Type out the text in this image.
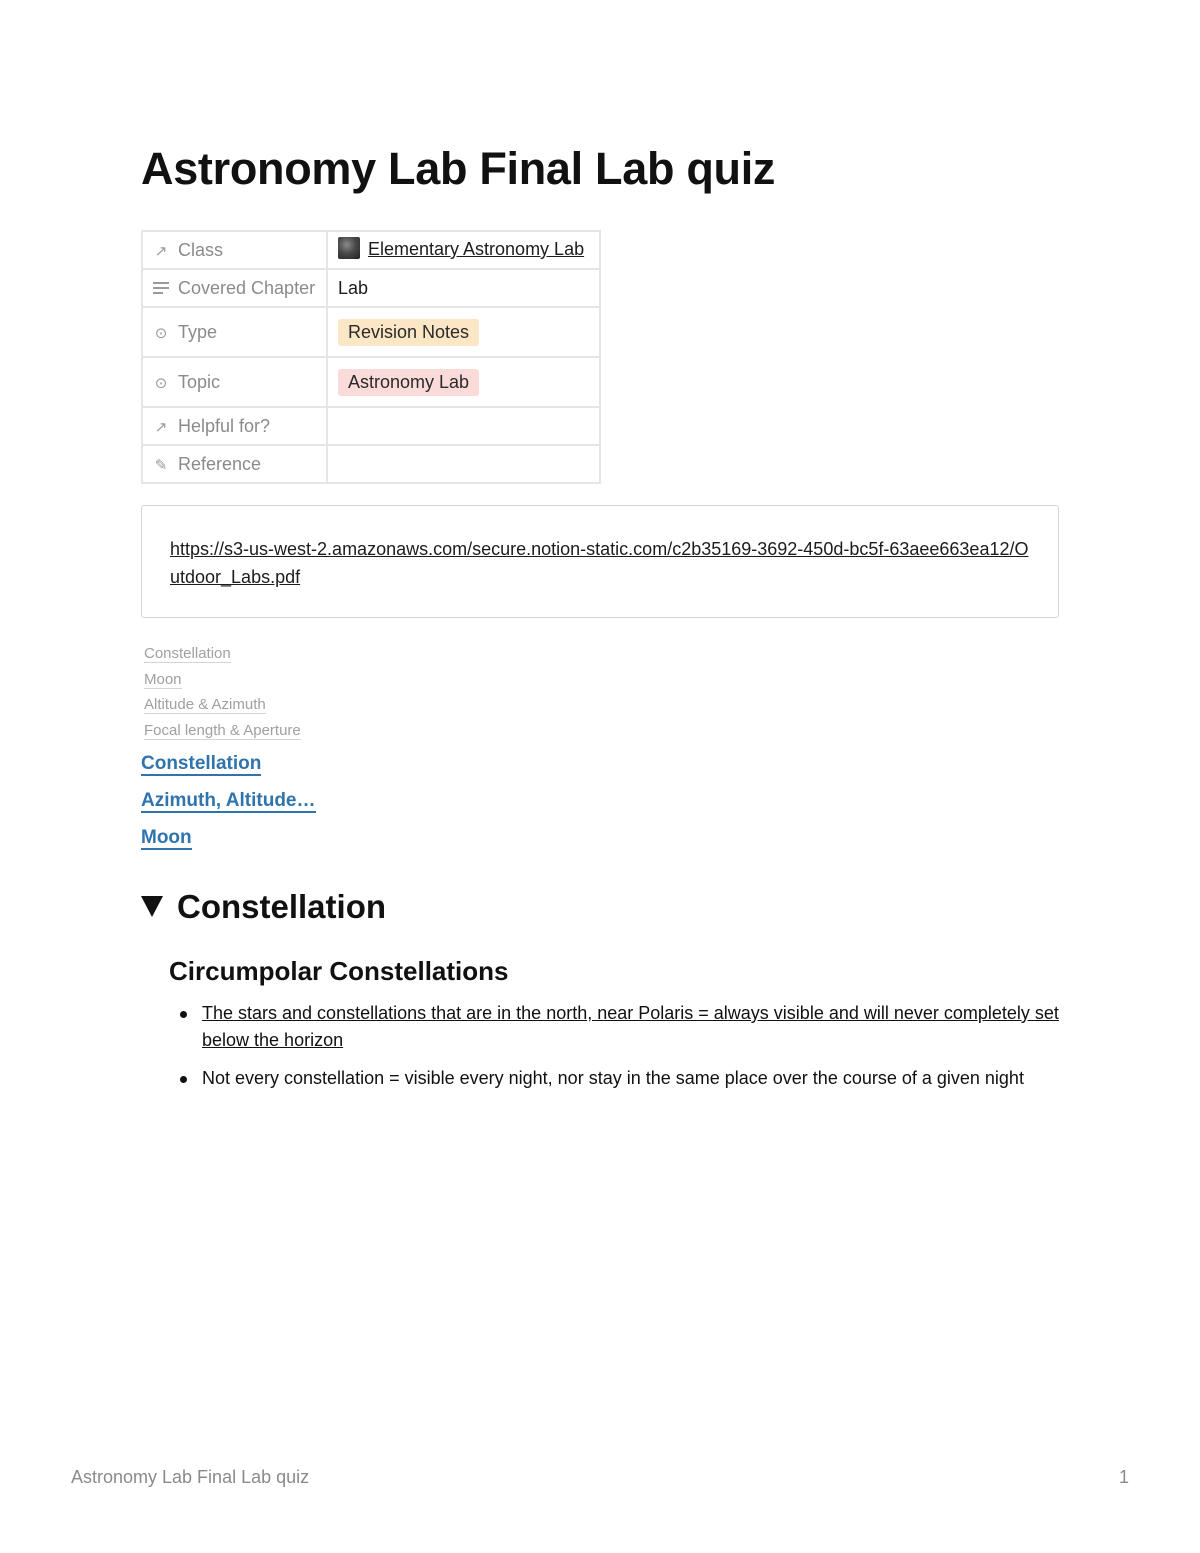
Astronomy Lab Final Lab quiz
↗ Class	Elementary Astronomy Lab

Covered Chapter	Lab
⊙ Type	Revision Notes
⊙ Topic	Astronomy Lab
↗ Helpful for?	
✎ Reference	
https://s3-us-west-2.amazonaws.com/secure.notion-static.com/c2b35169-3692-450d-bc5f-63aee663ea12/Outdoor_Labs.pdf
Constellation
Moon
Altitude & Azimuth
Focal length & Aperture
Constellation
Azimuth, Altitude…
Moon
Constellation
Circumpolar Constellations
The stars and constellations that are in the north, near Polaris = always visible and will never completely set below the horizon
Not every constellation = visible every night, nor stay in the same place over the course of a given night
Astronomy Lab Final Lab quiz	1
